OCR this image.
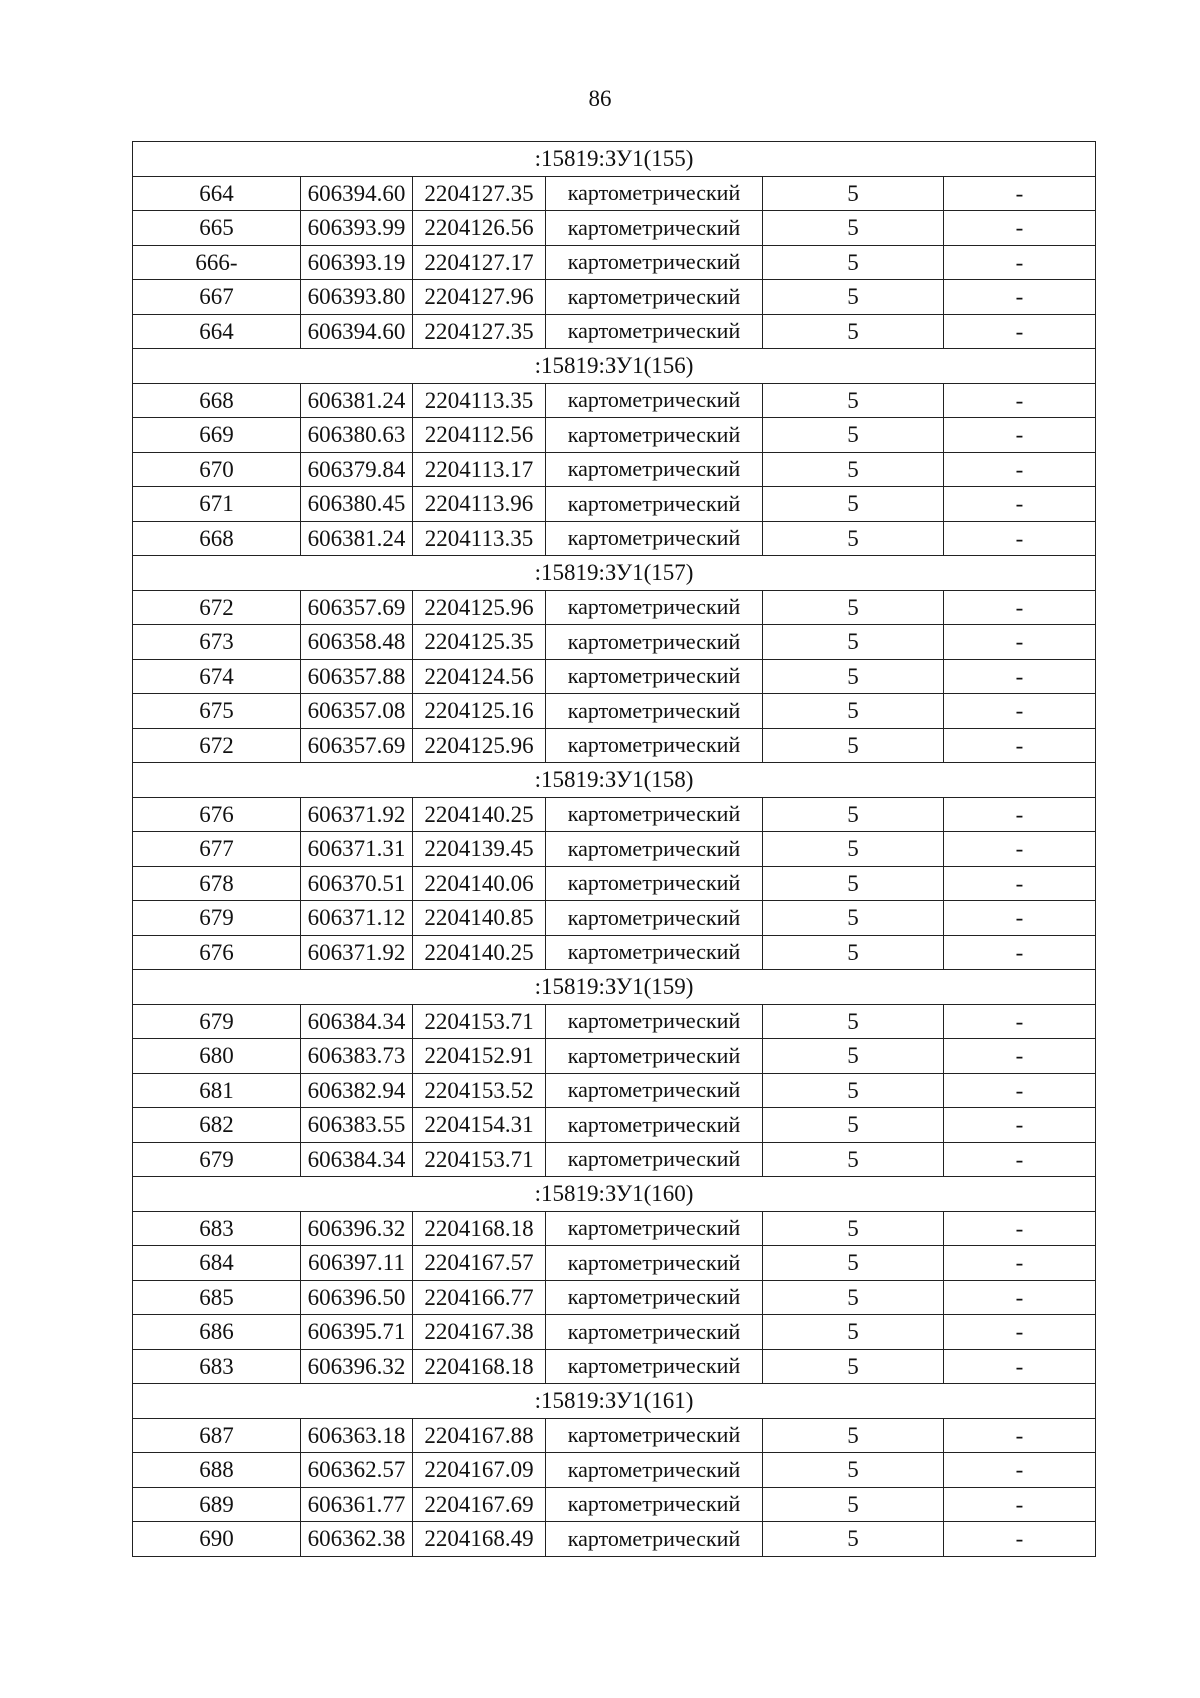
86
:15819:ЗУ1(155)					
664	606394.60	2204127.35	картометрический	5	-
665	606393.99	2204126.56	картометрический	5	-
666-	606393.19	2204127.17	картометрический	5	-
667	606393.80	2204127.96	картометрический	5	-
664	606394.60	2204127.35	картометрический	5	-
:15819:ЗУ1(156)					
668	606381.24	2204113.35	картометрический	5	-
669	606380.63	2204112.56	картометрический	5	-
670	606379.84	2204113.17	картометрический	5	-
671	606380.45	2204113.96	картометрический	5	-
668	606381.24	2204113.35	картометрический	5	-
:15819:ЗУ1(157)					
672	606357.69	2204125.96	картометрический	5	-
673	606358.48	2204125.35	картометрический	5	-
674	606357.88	2204124.56	картометрический	5	-
675	606357.08	2204125.16	картометрический	5	-
672	606357.69	2204125.96	картометрический	5	-
:15819:ЗУ1(158)					
676	606371.92	2204140.25	картометрический	5	-
677	606371.31	2204139.45	картометрический	5	-
678	606370.51	2204140.06	картометрический	5	-
679	606371.12	2204140.85	картометрический	5	-
676	606371.92	2204140.25	картометрический	5	-
:15819:ЗУ1(159)					
679	606384.34	2204153.71	картометрический	5	-
680	606383.73	2204152.91	картометрический	5	-
681	606382.94	2204153.52	картометрический	5	-
682	606383.55	2204154.31	картометрический	5	-
679	606384.34	2204153.71	картометрический	5	-
:15819:ЗУ1(160)					
683	606396.32	2204168.18	картометрический	5	-
684	606397.11	2204167.57	картометрический	5	-
685	606396.50	2204166.77	картометрический	5	-
686	606395.71	2204167.38	картометрический	5	-
683	606396.32	2204168.18	картометрический	5	-
:15819:ЗУ1(161)					
687	606363.18	2204167.88	картометрический	5	-
688	606362.57	2204167.09	картометрический	5	-
689	606361.77	2204167.69	картометрический	5	-
690	606362.38	2204168.49	картометрический	5	-
